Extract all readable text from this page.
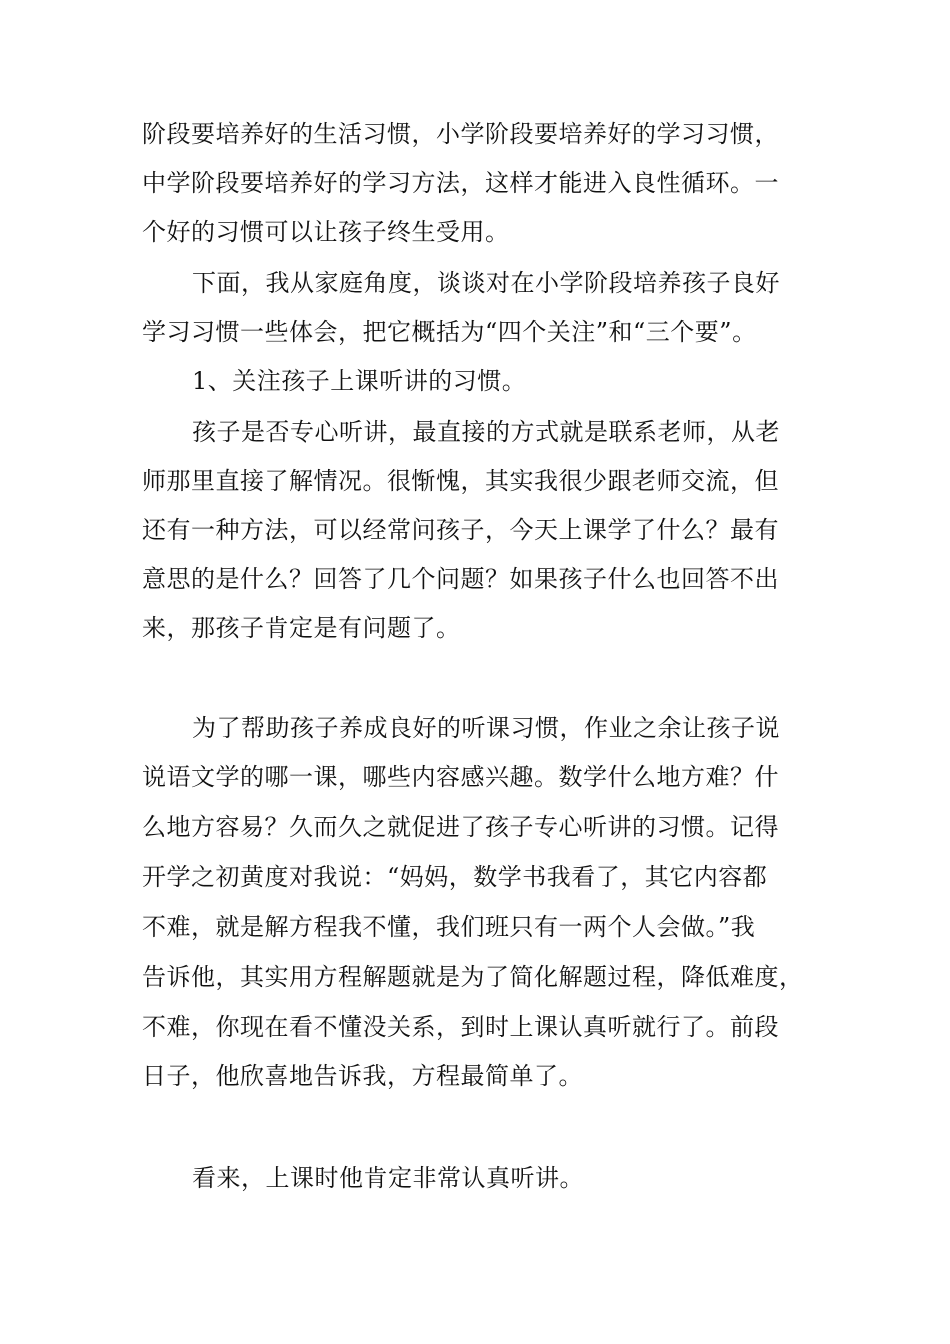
阶段要培养好的生活习惯，小学阶段要培养好的学习习惯，
中学阶段要培养好的学习方法，这样才能进入良性循环。一
个好的习惯可以让孩子终生受用。
下面，我从家庭角度，谈谈对在小学阶段培养孩子良好
学习习惯一些体会，把它概括为“四个关注”和“三个要”。
1、关注孩子上课听讲的习惯。
孩子是否专心听讲，最直接的方式就是联系老师，从老
师那里直接了解情况。很惭愧，其实我很少跟老师交流，但
还有一种方法，可以经常问孩子，今天上课学了什么？最有
意思的是什么？回答了几个问题？如果孩子什么也回答不出
来，那孩子肯定是有问题了。
为了帮助孩子养成良好的听课习惯，作业之余让孩子说
说语文学的哪一课，哪些内容感兴趣。数学什么地方难？什
么地方容易？久而久之就促进了孩子专心听讲的习惯。记得
开学之初黄度对我说：“妈妈，数学书我看了，其它内容都
不难，就是解方程我不懂，我们班只有一两个人会做。”我
告诉他，其实用方程解题就是为了简化解题过程，降低难度，
不难，你现在看不懂没关系，到时上课认真听就行了。前段
日子，他欣喜地告诉我，方程最简单了。
看来，上课时他肯定非常认真听讲。
